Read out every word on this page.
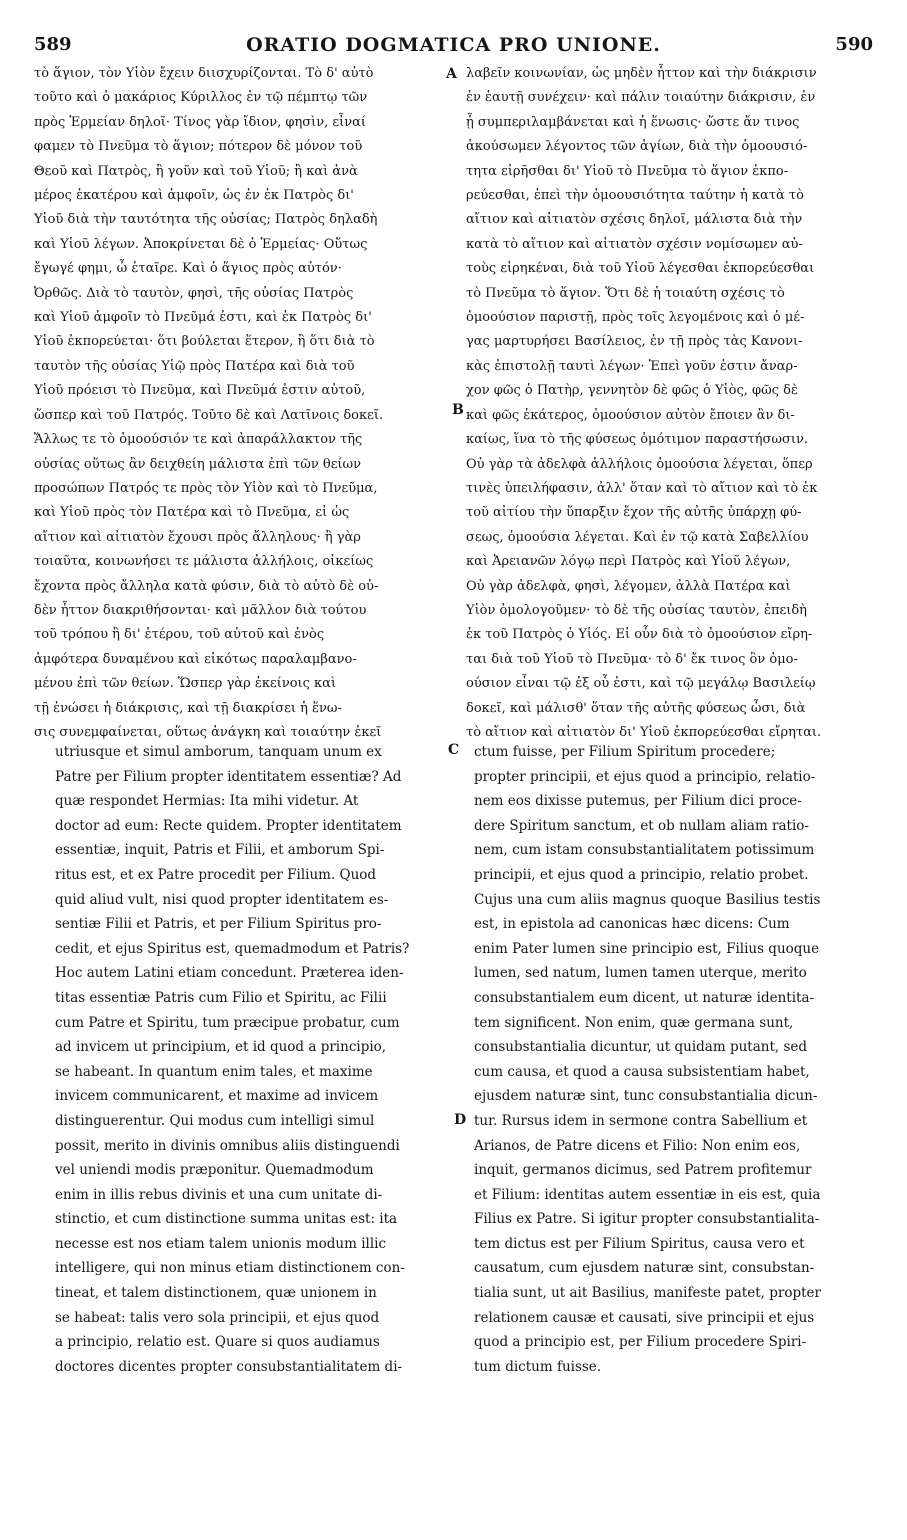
589	ORATIO DOGMATICA PRO UNIONE.	590
τὸ ἅγιον, τὸν Υἱὸν ἔχειν διισχυρίζονται. Τὸ δ' αὐτὸ
τοῦτο καὶ ὁ μακάριος Κύριλλος ἐν τῷ πέμπτῳ τῶν
πρὸς Ἑρμείαν δηλοῖ· Τίνος γὰρ ἴδιον, φησὶν, εἶναί
φαμεν τὸ Πνεῦμα τὸ ἅγιον; πότερον δὲ μόνον τοῦ
Θεοῦ καὶ Πατρὸς, ἢ γοῦν καὶ τοῦ Υἱοῦ; ἢ καὶ ἀνὰ
μέρος ἑκατέρου καὶ ἀμφοῖν, ὡς ἐν ἐκ Πατρὸς δι'
Υἱοῦ διὰ τὴν ταυτότητα τῆς οὐσίας; Πατρὸς δηλαδὴ
καὶ Υἱοῦ λέγων. Ἀποκρίνεται δὲ ὁ Ἑρμείας· Οὕτως
ἔγωγέ φημι, ὦ ἑταῖρε. Καὶ ὁ ἅγιος πρὸς αὐτόν·
Ὀρθῶς. Διὰ τὸ ταυτὸν, φησὶ, τῆς οὐσίας Πατρὸς
καὶ Υἱοῦ ἀμφοῖν τὸ Πνεῦμά ἐστι, καὶ ἐκ Πατρὸς δι'
Υἱοῦ ἐκπορεύεται· ὅτι βούλεται ἕτερον, ἢ ὅτι διὰ τὸ
ταυτὸν τῆς οὐσίας Υἱῷ πρὸς Πατέρα καὶ διὰ τοῦ
Υἱοῦ πρόεισι τὸ Πνεῦμα, καὶ Πνεῦμά ἐστιν αὐτοῦ,
ὥσπερ καὶ τοῦ Πατρός. Τοῦτο δὲ καὶ Λατῖνοις δοκεῖ.
Ἄλλως τε τὸ ὁμοούσιόν τε καὶ ἀπαράλλακτον τῆς
οὐσίας οὕτως ἂν δειχθείη μάλιστα ἐπὶ τῶν θείων
προσώπων Πατρός τε πρὸς τὸν Υἱὸν καὶ τὸ Πνεῦμα,
καὶ Υἱοῦ πρὸς τὸν Πατέρα καὶ τὸ Πνεῦμα, εἰ ὡς
αἴτιον καὶ αἰτιατὸν ἔχουσι πρὸς ἄλληλους· ἢ γὰρ
τοιαῦτα, κοινωνήσει τε μάλιστα ἀλλήλοις, οἰκείως
ἔχοντα πρὸς ἄλληλα κατὰ φύσιν, διὰ τὸ αὐτὸ δὲ οὐ-
δὲν ἧττον διακριθήσονται· καὶ μᾶλλον διὰ τούτου
τοῦ τρόπου ἢ δι' ἑτέρου, τοῦ αὐτοῦ καὶ ἑνὸς
ἀμφότερα δυναμένου καὶ εἰκότως παραλαμβανο-
μένου ἐπὶ τῶν θείων. Ὥσπερ γὰρ ἐκείνοις καὶ
τῇ ἑνώσει ἡ διάκρισις, καὶ τῇ διακρίσει ἡ ἕνω-
σις συνεμφαίνεται, οὕτως ἀνάγκη καὶ τοιαύτην ἐκεῖ
λαβεῖν κοινωνίαν, ὡς μηδὲν ἧττον καὶ τὴν διάκρισιν
ἐν ἑαυτῇ συνέχειν· καὶ πάλιν τοιαύτην διάκρισιν, ἐν
ᾗ συμπεριλαμβάνεται καὶ ἡ ἕνωσις· ὥστε ἄν τινος
ἀκούσωμεν λέγοντος τῶν ἁγίων, διὰ τὴν ὁμοουσιό-
τητα εἰρῆσθαι δι' Υἱοῦ τὸ Πνεῦμα τὸ ἅγιον ἐκπο-
ρεύεσθαι, ἐπεὶ τὴν ὁμοουσιότητα ταύτην ἡ κατὰ τὸ
αἴτιον καὶ αἰτιατὸν σχέσις δηλοῖ, μάλιστα διὰ τὴν
κατὰ τὸ αἴτιον καὶ αἰτιατὸν σχέσιν νομίσωμεν αὐ-
τοὺς εἰρηκέναι, διὰ τοῦ Υἱοῦ λέγεσθαι ἐκπορεύεσθαι
τὸ Πνεῦμα τὸ ἅγιον. Ὅτι δὲ ἡ τοιαύτη σχέσις τὸ
ὁμοούσιον παριστῇ, πρὸς τοῖς λεγομένοις καὶ ὁ μέ-
γας μαρτυρήσει Βασίλειος, ἐν τῇ πρὸς τὰς Κανονι-
κὰς ἐπιστολῇ ταυτὶ λέγων· Ἐπεὶ γοῦν ἐστιν ἄναρ-
χον φῶς ὁ Πατὴρ, γεννητὸν δὲ φῶς ὁ Υἱὸς, φῶς δὲ
καὶ φῶς ἑκάτερος, ὁμοούσιον αὐτὸν ἔποιεν ἂν δι-
καίως, ἵνα τὸ τῆς φύσεως ὁμότιμον παραστήσωσιν.
Οὐ γὰρ τὰ ἀδελφὰ ἀλλήλοις ὁμοούσια λέγεται, ὅπερ
τινὲς ὑπειλήφασιν, ἀλλ' ὅταν καὶ τὸ αἴτιον καὶ τὸ ἐκ
τοῦ αἰτίου τὴν ὕπαρξιν ἔχον τῆς αὐτῆς ὑπάρχῃ φύ-
σεως, ὁμοούσια λέγεται. Καὶ ἐν τῷ κατὰ Σαβελλίου
καὶ Ἀρειανῶν λόγῳ περὶ Πατρὸς καὶ Υἱοῦ λέγων,
Οὐ γὰρ ἀδελφὰ, φησὶ, λέγομεν, ἀλλὰ Πατέρα καὶ
Υἱὸν ὁμολογοῦμεν· τὸ δὲ τῆς οὐσίας ταυτὸν, ἐπειδὴ
ἐκ τοῦ Πατρὸς ὁ Υἱός. Εἰ οὖν διὰ τὸ ὁμοούσιον εἴρη-
ται διὰ τοῦ Υἱοῦ τὸ Πνεῦμα· τὸ δ' ἔκ τινος ὂν ὁμο-
ούσιον εἶναι τῷ ἐξ οὗ ἐστι, καὶ τῷ μεγάλῳ Βασιλείῳ
δοκεῖ, καὶ μάλισθ' ὅταν τῆς αὐτῆς φύσεως ὦσι, διὰ
τὸ αἴτιον καὶ αἰτιατὸν δι' Υἱοῦ ἐκπορεύεσθαι εἴρηται.
utriusque et simul amborum, tanquam unum ex
Patre per Filium propter identitatem essentiæ? Ad
quæ respondet Hermias: Ita mihi videtur. At
doctor ad eum: Recte quidem. Propter identitatem
essentiæ, inquit, Patris et Filii, et amborum Spi-
ritus est, et ex Patre procedit per Filium. Quod
quid aliud vult, nisi quod propter identitatem es-
sentiæ Filii et Patris, et per Filium Spiritus pro-
cedit, et ejus Spiritus est, quemadmodum et Patris?
Hoc autem Latini etiam concedunt. Præterea iden-
titas essentiæ Patris cum Filio et Spiritu, ac Filii
cum Patre et Spiritu, tum præcipue probatur, cum
ad invicem ut principium, et id quod a principio,
se habeant. In quantum enim tales, et maxime
invicem communicarent, et maxime ad invicem
distinguerentur. Qui modus cum intelligi simul
possit, merito in divinis omnibus aliis distinguendi
vel uniendi modis præponitur. Quemadmodum
enim in illis rebus divinis et una cum unitate di-
stinctio, et cum distinctione summa unitas est: ita
necesse est nos etiam talem unionis modum illic
intelligere, qui non minus etiam distinctionem con-
tineat, et talem distinctionem, quæ unionem in
se habeat: talis vero sola principii, et ejus quod
a principio, relatio est. Quare si quos audiamus
doctores dicentes propter consubstantialitatem di-
ctum fuisse, per Filium Spiritum procedere;
propter principii, et ejus quod a principio, relatio-
nem eos dixisse putemus, per Filium dici proce-
dere Spiritum sanctum, et ob nullam aliam ratio-
nem, cum istam consubstantialitatem potissimum
principii, et ejus quod a principio, relatio probet.
Cujus una cum aliis magnus quoque Basilius testis
est, in epistola ad canonicas hæc dicens: Cum
enim Pater lumen sine principio est, Filius quoque
lumen, sed natum, lumen tamen uterque, merito
consubstantialem eum dicent, ut naturæ identita-
tem significent. Non enim, quæ germana sunt,
consubstantialia dicuntur, ut quidam putant, sed
cum causa, et quod a causa subsistentiam habet,
ejusdem naturæ sint, tunc consubstantialia dicun-
tur. Rursus idem in sermone contra Sabellium et
Arianos, de Patre dicens et Filio: Non enim eos,
inquit, germanos dicimus, sed Patrem profitemur
et Filium: identitas autem essentiæ in eis est, quia
Filius ex Patre. Si igitur propter consubstantialita-
tem dictus est per Filium Spiritus, causa vero et
causatum, cum ejusdem naturæ sint, consubstan-
tialia sunt, ut ait Basilius, manifeste patet, propter
relationem causæ et causati, sive principii et ejus
quod a principio est, per Filium procedere Spiri-
tum dictum fuisse.
A
B
C
D
